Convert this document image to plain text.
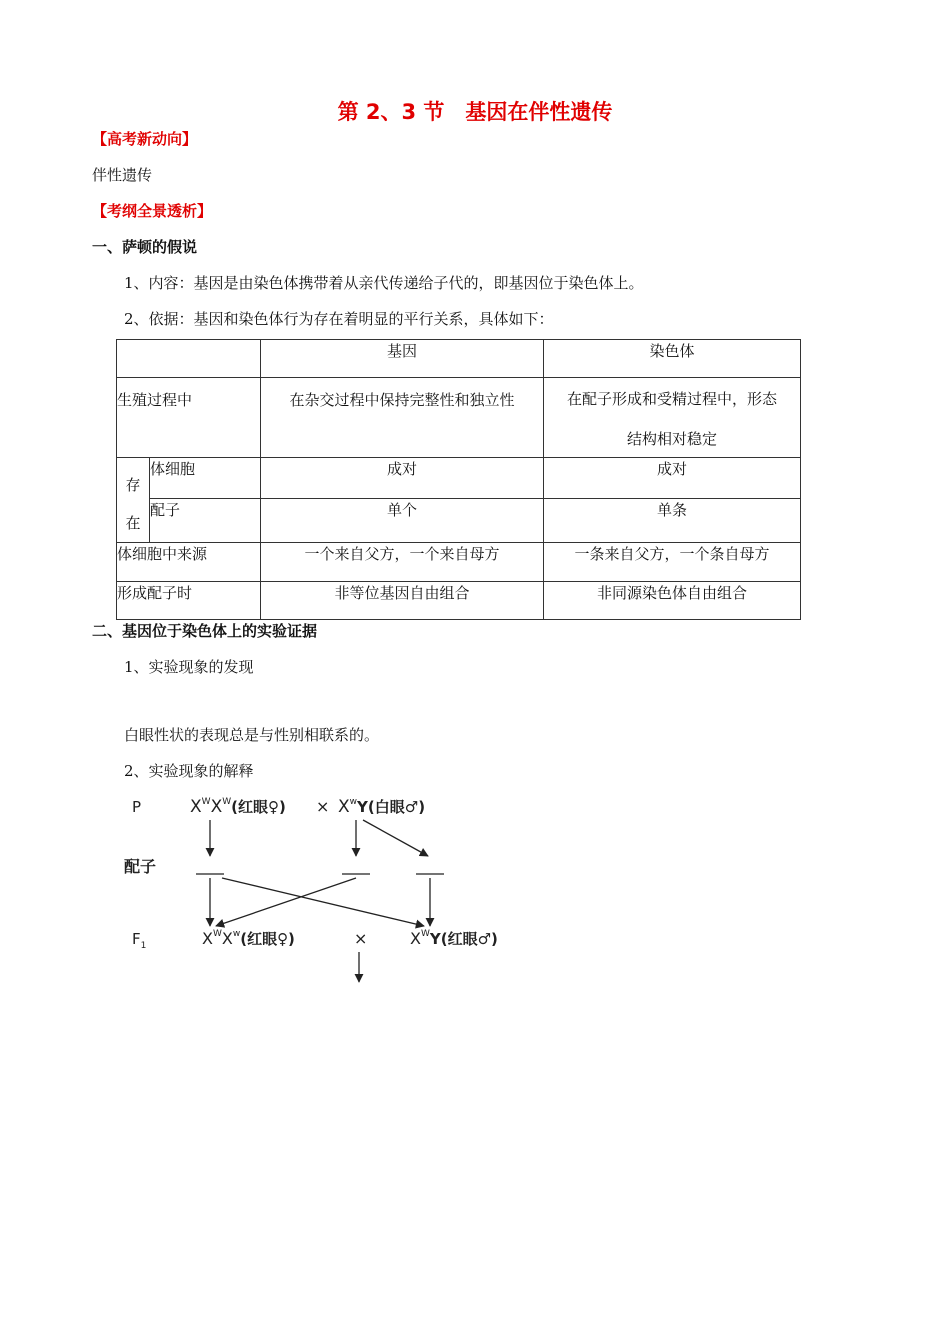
第 2、3 节　基因在伴性遗传
【高考新动向】
伴性遗传
【考纲全景透析】
一、萨顿的假说
1、内容：基因是由染色体携带着从亲代传递给子代的，即基因位于染色体上。
2、依据：基因和染色体行为存在着明显的平行关系，具体如下：
		基因	染色体
生殖过程中		在杂交过程中保持完整性和独立性	在配子形成和受精过程中，形态
结构相对稳定

存
在	体细胞	成对	成对
	配子	单个	单条
体细胞中来源		一个来自父方，一个来自母方	一条来自父方，一个条自母方
形成配子时		非等位基因自由组合	非同源染色体自由组合
二、基因位于染色体上的实验证据
1、实验现象的发现
白眼性状的表现总是与性别相联系的。
2、实验现象的解释
P
配子
$F_1$
$X^WX^W$(红眼♀) × $X^wY$(白眼♂)
$X^WX^w$(红眼♀)	×	$X^WY$(红眼♂)
